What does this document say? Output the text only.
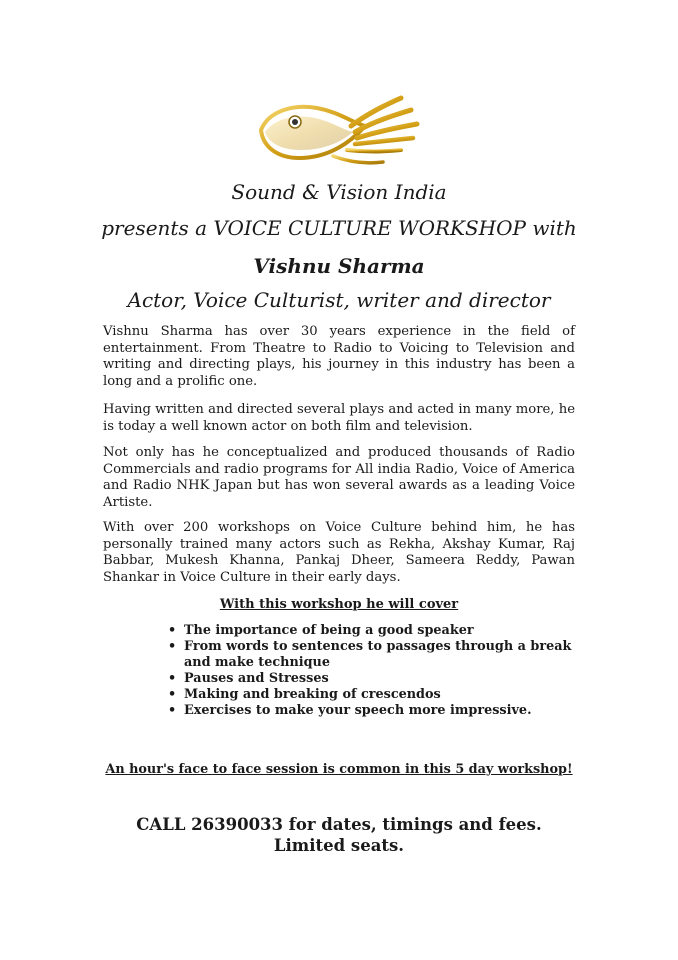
Sound & Vision India
presents a VOICE CULTURE WORKSHOP with
Vishnu Sharma
Actor, Voice Culturist, writer and director

Vishnu Sharma has over 30 years experience in the field of entertainment. From Theatre to Radio to Voicing to Television and writing and directing plays, his journey in this industry has been a long and a prolific one.

Having written and directed several plays and acted in many more, he is today a well known actor on both film and television.

Not only has he conceptualized and produced thousands of Radio Commercials and radio programs for All india Radio, Voice of America and Radio NHK Japan but has won several awards as a leading Voice Artiste.

With over 200 workshops on Voice Culture behind him, he has personally trained many actors such as Rekha, Akshay Kumar, Raj Babbar, Mukesh Khanna, Pankaj Dheer, Sameera Reddy, Pawan Shankar in Voice Culture in their early days.

With this workshop he will cover
• The importance of being a good speaker
• From words to sentences to passages through a break and make technique
• Pauses and Stresses
• Making and breaking of crescendos
• Exercises to make your speech more impressive.
An hour's face to face session is common in this 5 day workshop!
CALL 26390033 for dates, timings and fees. Limited seats.
